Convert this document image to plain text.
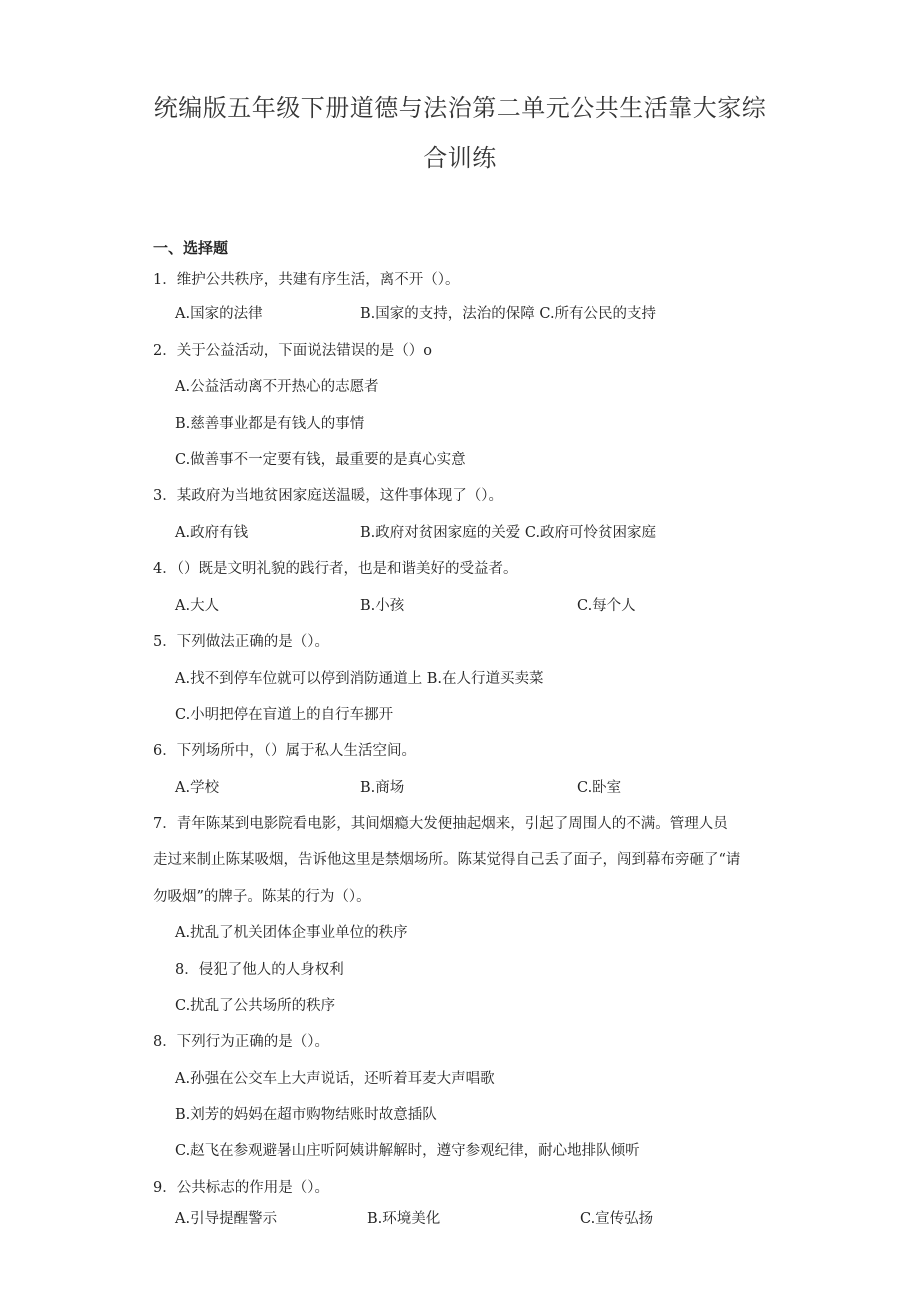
统编版五年级下册道德与法治第二单元公共生活靠大家综
合训练
一、选择题
1．维护公共秩序，共建有序生活，离不开（）。
A.国家的法律	B.国家的支持，法治的保障 C.所有公民的支持
2．关于公益活动，下面说法错误的是（）o
A.公益活动离不开热心的志愿者
B.慈善事业都是有钱人的事情
C.做善事不一定要有钱，最重要的是真心实意
3．某政府为当地贫困家庭送温暖，这件事体现了（）。
A.政府有钱	B.政府对贫困家庭的关爱 C.政府可怜贫困家庭
4．（）既是文明礼貌的践行者，也是和谐美好的受益者。
A.大人	B.小孩	C.每个人
5．下列做法正确的是（）。
A.找不到停车位就可以停到消防通道上 B.在人行道买卖菜
C.小明把停在盲道上的自行车挪开
6．下列场所中，（）属于私人生活空间。
A.学校	B.商场	C.卧室
7．青年陈某到电影院看电影，其间烟瘾大发便抽起烟来，引起了周围人的不满。管理人员
走过来制止陈某吸烟，告诉他这里是禁烟场所。陈某觉得自己丢了面子，闯到幕布旁砸了“请
勿吸烟”的牌子。陈某的行为（）。
A.扰乱了机关团体企事业单位的秩序
8．侵犯了他人的人身权利
C.扰乱了公共场所的秩序
8．下列行为正确的是（）。
A.孙强在公交车上大声说话，还听着耳麦大声唱歌
B.刘芳的妈妈在超市购物结账时故意插队
C.赵飞在参观避暑山庄听阿姨讲解解时，遵守参观纪律，耐心地排队倾听
9．公共标志的作用是（）。
A.引导提醒警示	B.环境美化	C.宣传弘扬
